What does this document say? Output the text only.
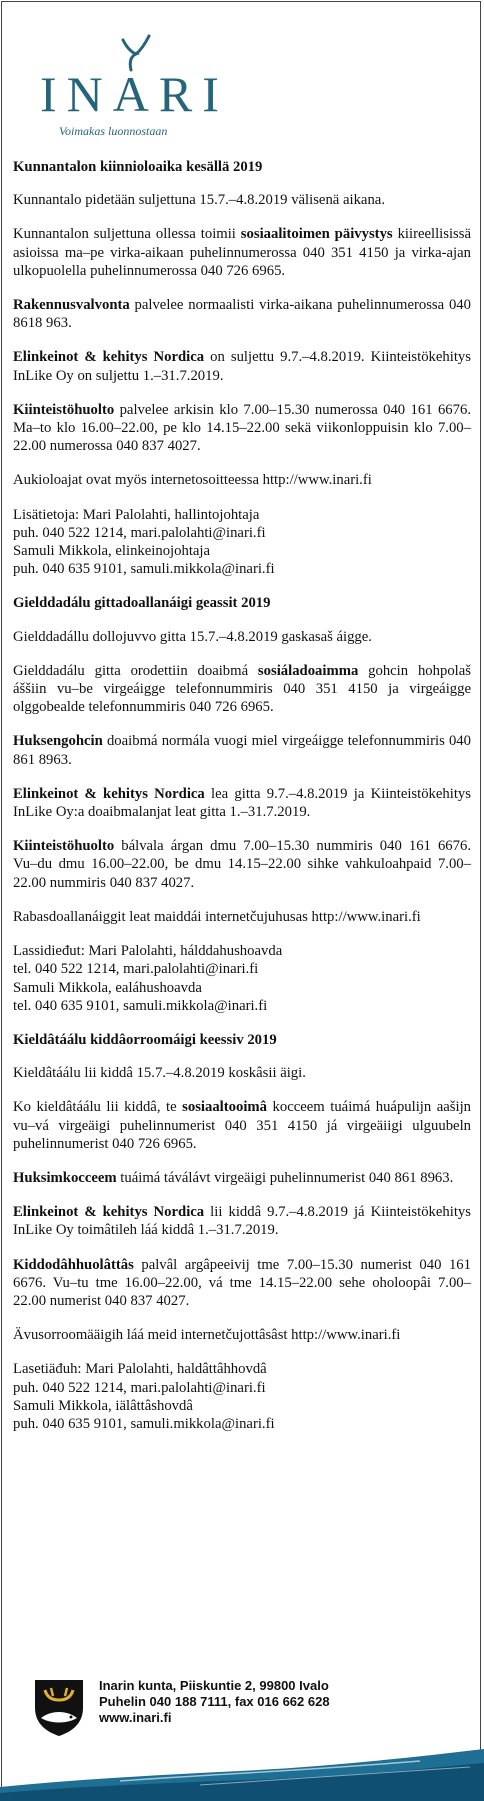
INARI
Voimakas luonnostaan

Kunnantalon kiinnioloaika kesällä 2019

Kunnantalo pidetään suljettuna 15.7.–4.8.2019 välisenä aikana.

Kunnantalon suljettuna ollessa toimii sosiaalitoimen päivystys kiireellisissä asioissa ma–pe virka-aikaan puhelinnumerossa 040 351 4150 ja virka-ajan ulkopuolella puhelinnumerossa 040 726 6965.

Rakennusvalvonta palvelee normaalisti virka-aikana puhelinnumerossa 040 8618 963.

Elinkeinot & kehitys Nordica on suljettu 9.7.–4.8.2019. Kiinteistökehitys InLike Oy on suljettu 1.–31.7.2019.

Kiinteistöhuolto palvelee arkisin klo 7.00–15.30 numerossa 040 161 6676. Ma–to klo 16.00–22.00, pe klo 14.15–22.00 sekä viikonloppuisin klo 7.00–22.00 numerossa 040 837 4027.

Aukioloajat ovat myös internetosoitteessa http://www.inari.fi

Lisätietoja: Mari Palolahti, hallintojohtaja
puh. 040 522 1214, mari.palolahti@inari.fi
Samuli Mikkola, elinkeinojohtaja
puh. 040 635 9101, samuli.mikkola@inari.fi

Gielddadálu gittadoallanáigi geassit 2019

Gielddadállu dollojuvvo gitta 15.7.–4.8.2019 gaskasaš áigge.

Gielddadálu gitta orodettiin doaibmá sosiáladoaimma gohcin hohpolaš áššiin vu–be virgeáigge telefonnummiris 040 351 4150 ja virgeáigge olggobealde telefonnummiris 040 726 6965.

Huksengohcin doaibmá normála vuogi miel virgeáigge telefonnummiris 040 861 8963.

Elinkeinot & kehitys Nordica lea gitta 9.7.–4.8.2019 ja Kiinteistökehitys InLike Oy:a doaibmalanjat leat gitta 1.–31.7.2019.

Kiinteistöhuolto bálvala árgan dmu 7.00–15.30 nummiris 040 161 6676. Vu–du dmu 16.00–22.00, be dmu 14.15–22.00 sihke vahkuloahpaid 7.00–22.00 nummiris 040 837 4027.

Rabasdoallanáiggit leat maiddái internetčujuhusas http://www.inari.fi

Lassidieđut: Mari Palolahti, hálddahushoavda
tel. 040 522 1214, mari.palolahti@inari.fi
Samuli Mikkola, ealáhushoavda
tel. 040 635 9101, samuli.mikkola@inari.fi

Kieldâtáálu kiddâorroomáigi keessiv 2019

Kieldâtáálu lii kiddâ 15.7.–4.8.2019 koskâsii äigi.

Ko kieldâtáálu lii kiddâ, te sosiaaltooimâ kocceem tuáimá huápulijn aašijn vu–vá virgeäigi puhelinnumerist 040 351 4150 já virgeäiigi ulguubeln puhelinnumerist 040 726 6965.

Huksimkocceem tuáimá táválávt virgeäigi puhelinnumerist 040 861 8963.

Elinkeinot & kehitys Nordica lii kiddâ 9.7.–4.8.2019 já Kiinteistökehitys InLike Oy toimâtileh láá kiddâ 1.–31.7.2019.

Kiddodâhhuolâttâs palvâl argâpeeivij tme 7.00–15.30 numerist 040 161 6676. Vu–tu tme 16.00–22.00, vá tme 14.15–22.00 sehe oholoopâi 7.00–22.00 numerist 040 837 4027.

Ävusorroomääigih láá meid internetčujottâsâst http://www.inari.fi

Lasetiäđuh: Mari Palolahti, haldâttâhhovdâ
puh. 040 522 1214, mari.palolahti@inari.fi
Samuli Mikkola, iälâttâshovdâ
puh. 040 635 9101, samuli.mikkola@inari.fi

Inarin kunta, Piiskuntie 2, 99800 Ivalo
Puhelin 040 188 7111, fax 016 662 628
www.inari.fi
